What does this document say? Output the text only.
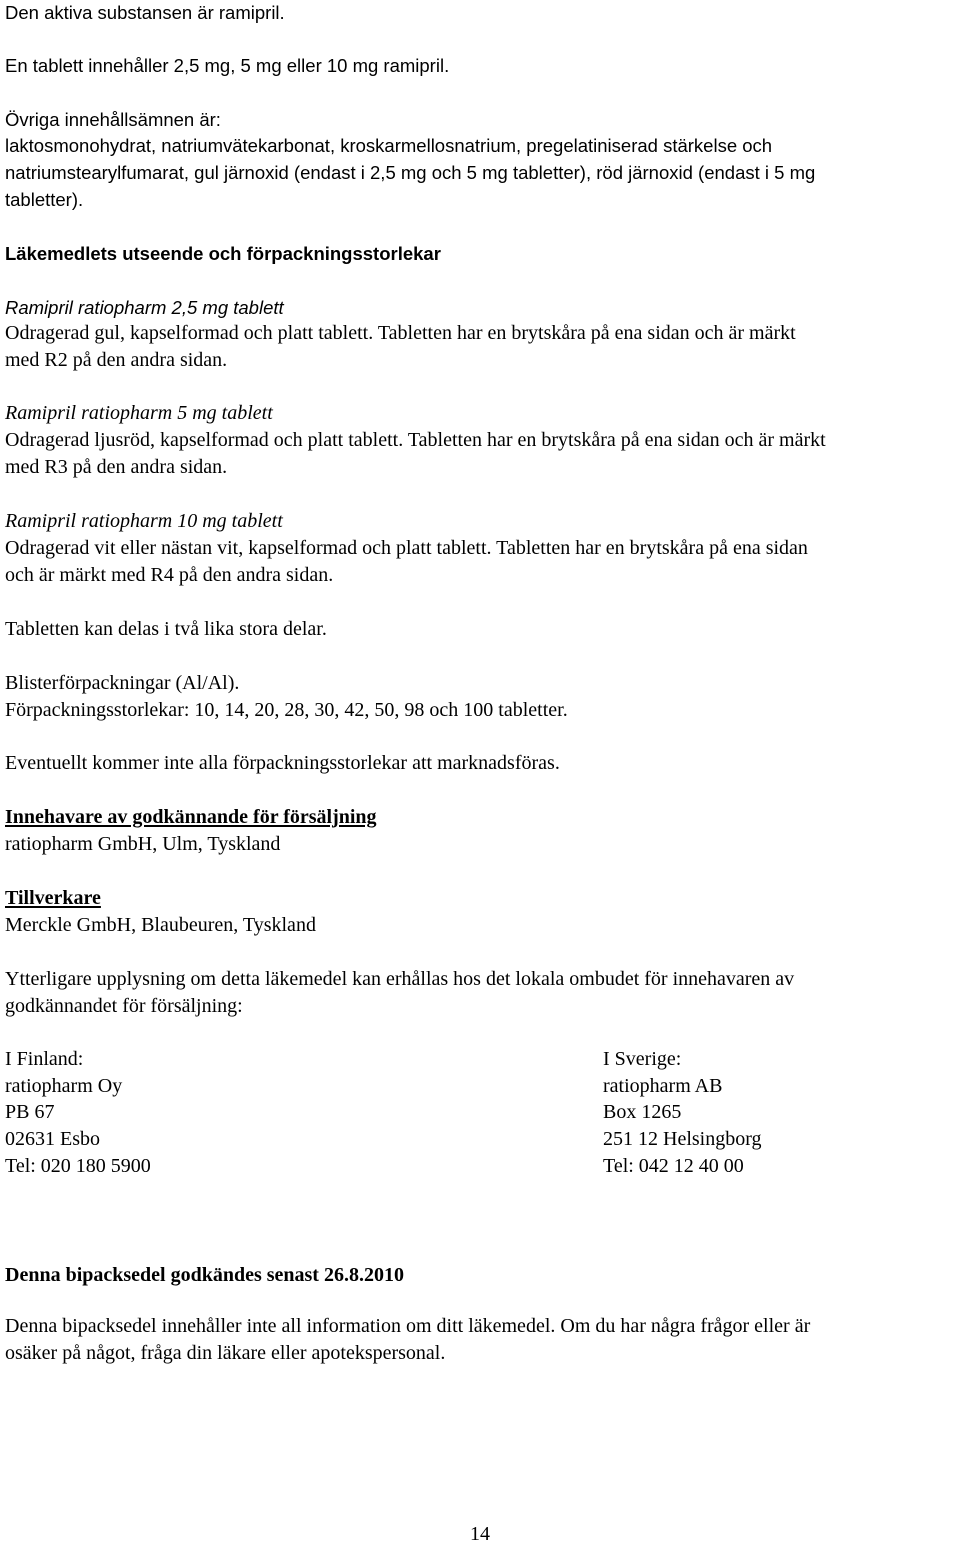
Den aktiva substansen är ramipril.
En tablett innehåller 2,5 mg, 5 mg eller 10 mg ramipril.
Övriga innehållsämnen är:
laktosmonohydrat, natriumvätekarbonat, kroskarmellosnatrium, pregelatiniserad stärkelse och
natriumstearylfumarat, gul järnoxid (endast i 2,5 mg och 5 mg tabletter), röd järnoxid (endast i 5 mg
tabletter).
Läkemedlets utseende och förpackningsstorlekar
Ramipril ratiopharm 2,5 mg tablett
Odragerad gul, kapselformad och platt tablett. Tabletten har en brytskåra på ena sidan och är märkt
med R2 på den andra sidan.
Ramipril ratiopharm 5 mg tablett
Odragerad ljusröd, kapselformad och platt tablett. Tabletten har en brytskåra på ena sidan och är märkt
med R3 på den andra sidan.
Ramipril ratiopharm 10 mg tablett
Odragerad vit eller nästan vit, kapselformad och platt tablett. Tabletten har en brytskåra på ena sidan
och är märkt med R4 på den andra sidan.
Tabletten kan delas i två lika stora delar.
Blisterförpackningar (Al/Al).
Förpackningsstorlekar: 10, 14, 20, 28, 30, 42, 50, 98 och 100 tabletter.
Eventuellt kommer inte alla förpackningsstorlekar att marknadsföras.
Innehavare av godkännande för försäljning
ratiopharm GmbH, Ulm, Tyskland
Tillverkare
Merckle GmbH, Blaubeuren, Tyskland
Ytterligare upplysning om detta läkemedel kan erhållas hos det lokala ombudet för innehavaren av
godkännandet för försäljning:
I Finland:
ratiopharm Oy
PB 67
02631 Esbo
Tel: 020 180 5900
I Sverige:
ratiopharm AB
Box 1265
251 12 Helsingborg
Tel: 042 12 40 00
Denna bipacksedel godkändes senast 26.8.2010
Denna bipacksedel innehåller inte all information om ditt läkemedel. Om du har några frågor eller är
osäker på något, fråga din läkare eller apotekspersonal.
14
